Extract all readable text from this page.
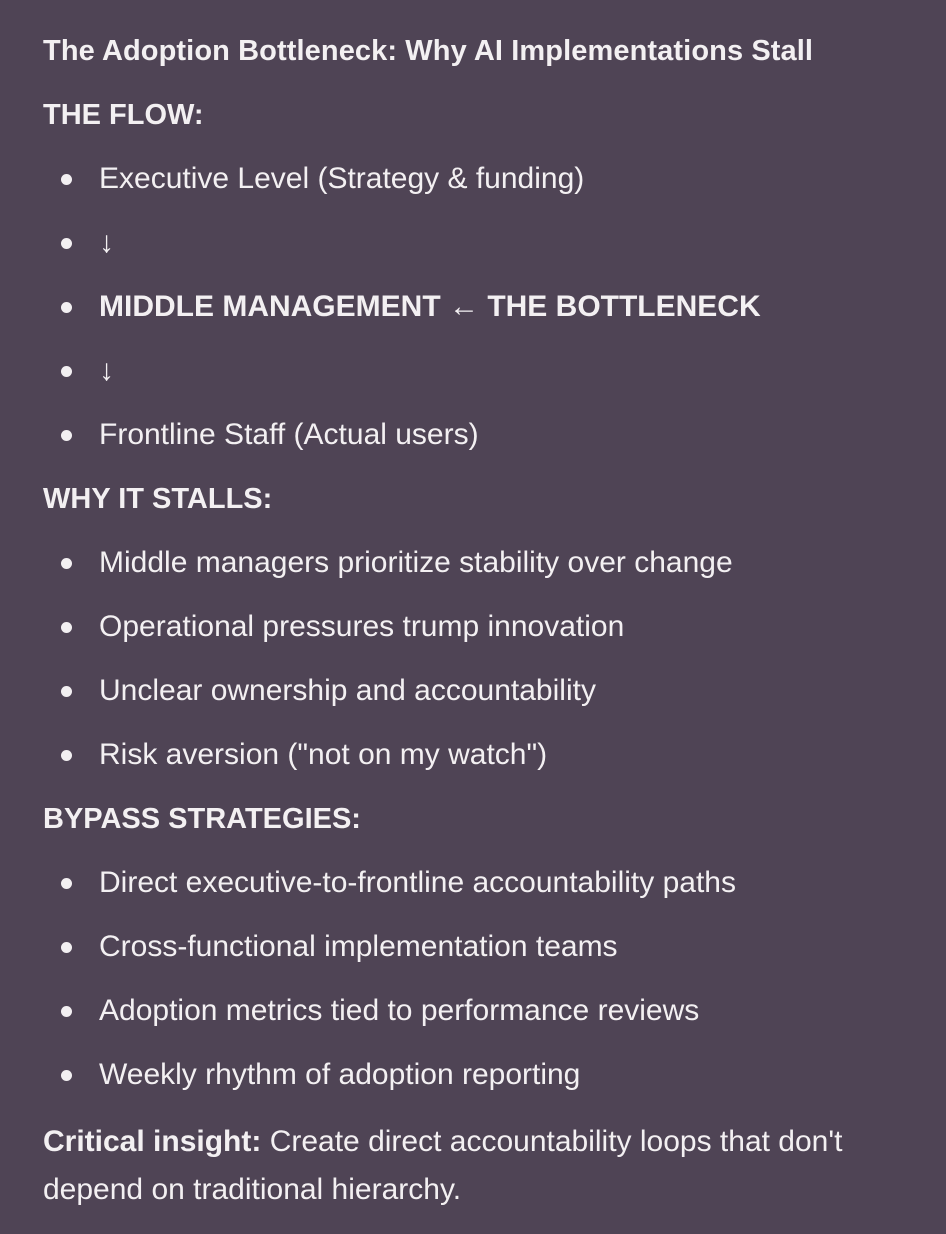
The Adoption Bottleneck: Why AI Implementations Stall
THE FLOW:
Executive Level (Strategy & funding)
↓
MIDDLE MANAGEMENT ← THE BOTTLENECK
↓
Frontline Staff (Actual users)
WHY IT STALLS:
Middle managers prioritize stability over change
Operational pressures trump innovation
Unclear ownership and accountability
Risk aversion ("not on my watch")
BYPASS STRATEGIES:
Direct executive-to-frontline accountability paths
Cross-functional implementation teams
Adoption metrics tied to performance reviews
Weekly rhythm of adoption reporting

Critical insight: Create direct accountability loops that don't depend on traditional hierarchy.
